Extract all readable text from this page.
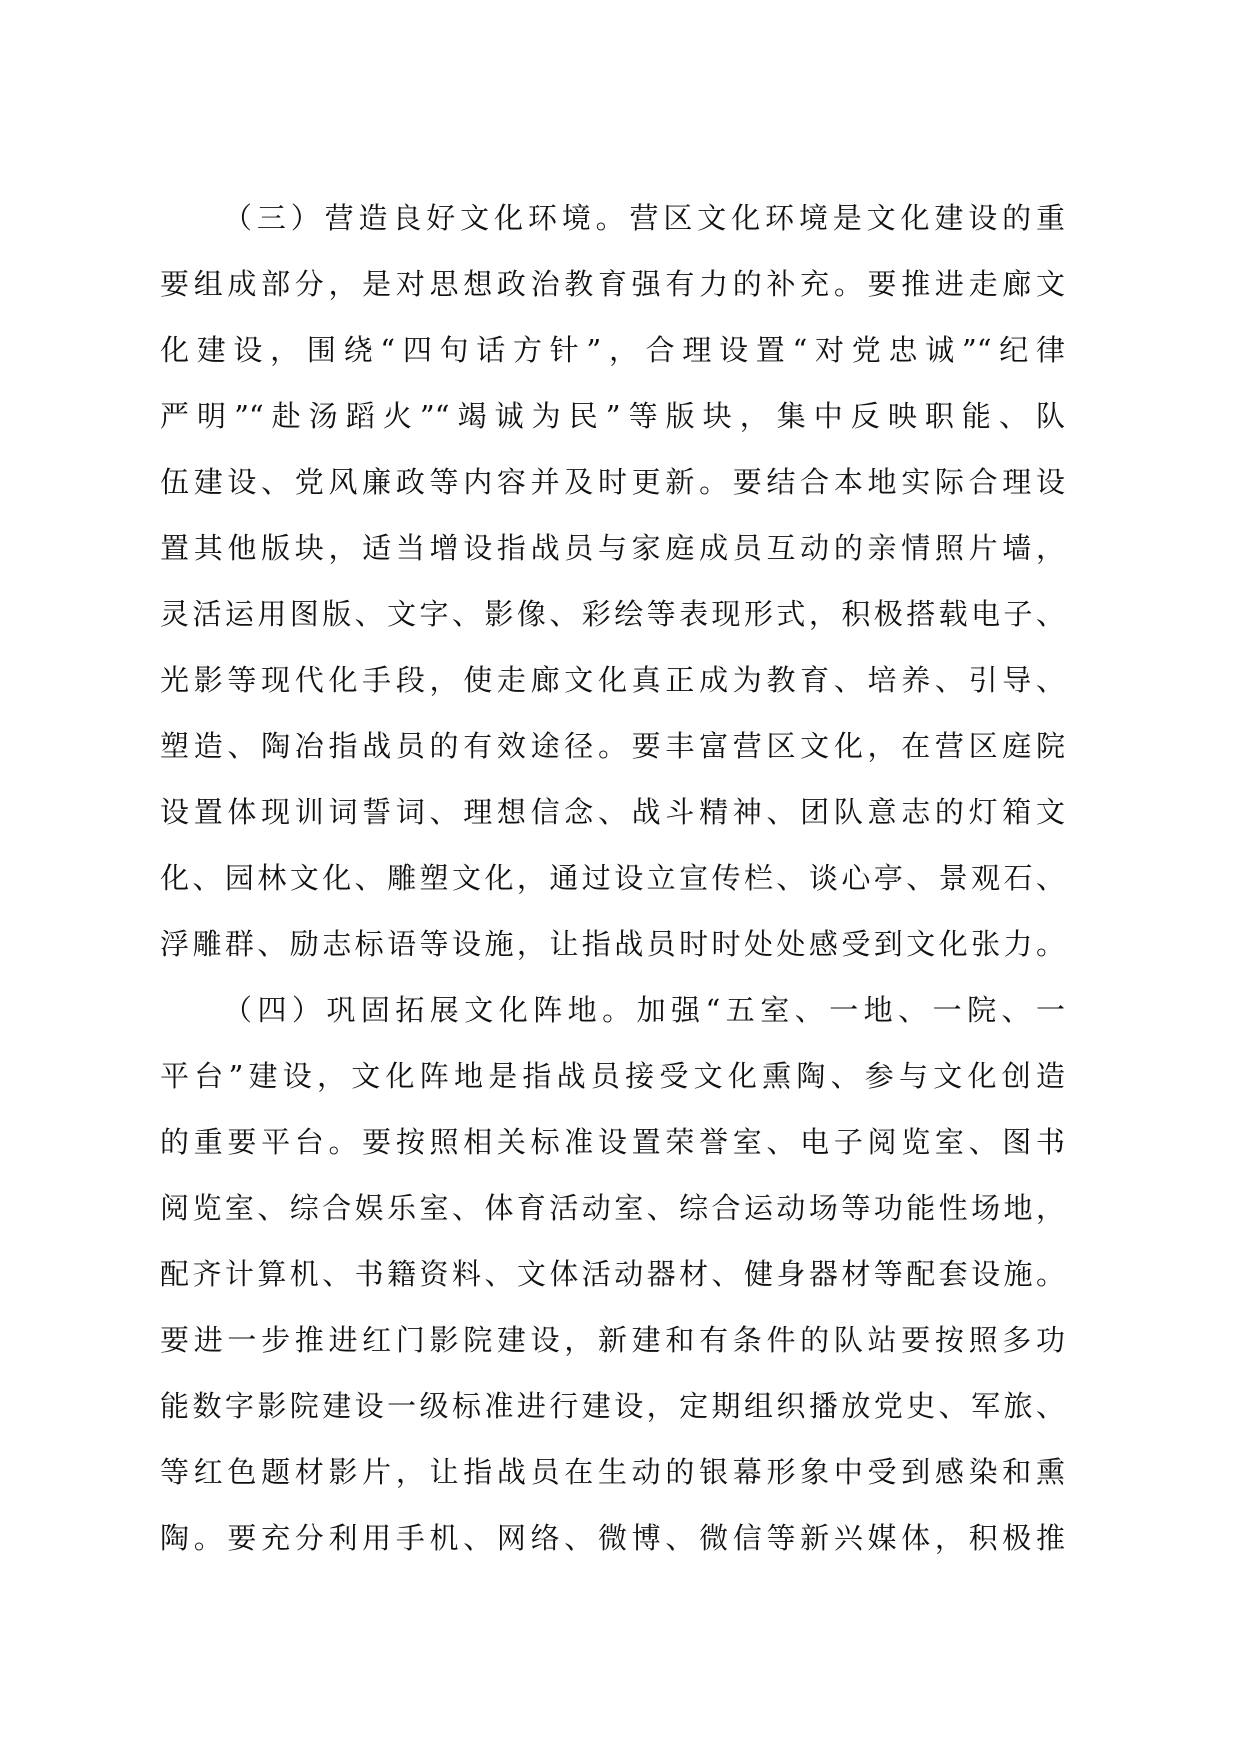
（三）营造良好文化环境。营区文化环境是文化建设的重
要组成部分，是对思想政治教育强有力的补充。要推进走廊文
化建设，围绕“四句话方针”，合理设置“对党忠诚”“纪律
严明”“赴汤蹈火”“竭诚为民”等版块，集中反映职能、队
伍建设、党风廉政等内容并及时更新。要结合本地实际合理设
置其他版块，适当增设指战员与家庭成员互动的亲情照片墙，
灵活运用图版、文字、影像、彩绘等表现形式，积极搭载电子、
光影等现代化手段，使走廊文化真正成为教育、培养、引导、
塑造、陶冶指战员的有效途径。要丰富营区文化，在营区庭院
设置体现训词誓词、理想信念、战斗精神、团队意志的灯箱文
化、园林文化、雕塑文化，通过设立宣传栏、谈心亭、景观石、
浮雕群、励志标语等设施，让指战员时时处处感受到文化张力。
（四）巩固拓展文化阵地。加强“五室、一地、一院、一
平台”建设，文化阵地是指战员接受文化熏陶、参与文化创造
的重要平台。要按照相关标准设置荣誉室、电子阅览室、图书
阅览室、综合娱乐室、体育活动室、综合运动场等功能性场地，
配齐计算机、书籍资料、文体活动器材、健身器材等配套设施。
要进一步推进红门影院建设，新建和有条件的队站要按照多功
能数字影院建设一级标准进行建设，定期组织播放党史、军旅、
等红色题材影片，让指战员在生动的银幕形象中受到感染和熏
陶。要充分利用手机、网络、微博、微信等新兴媒体，积极推
